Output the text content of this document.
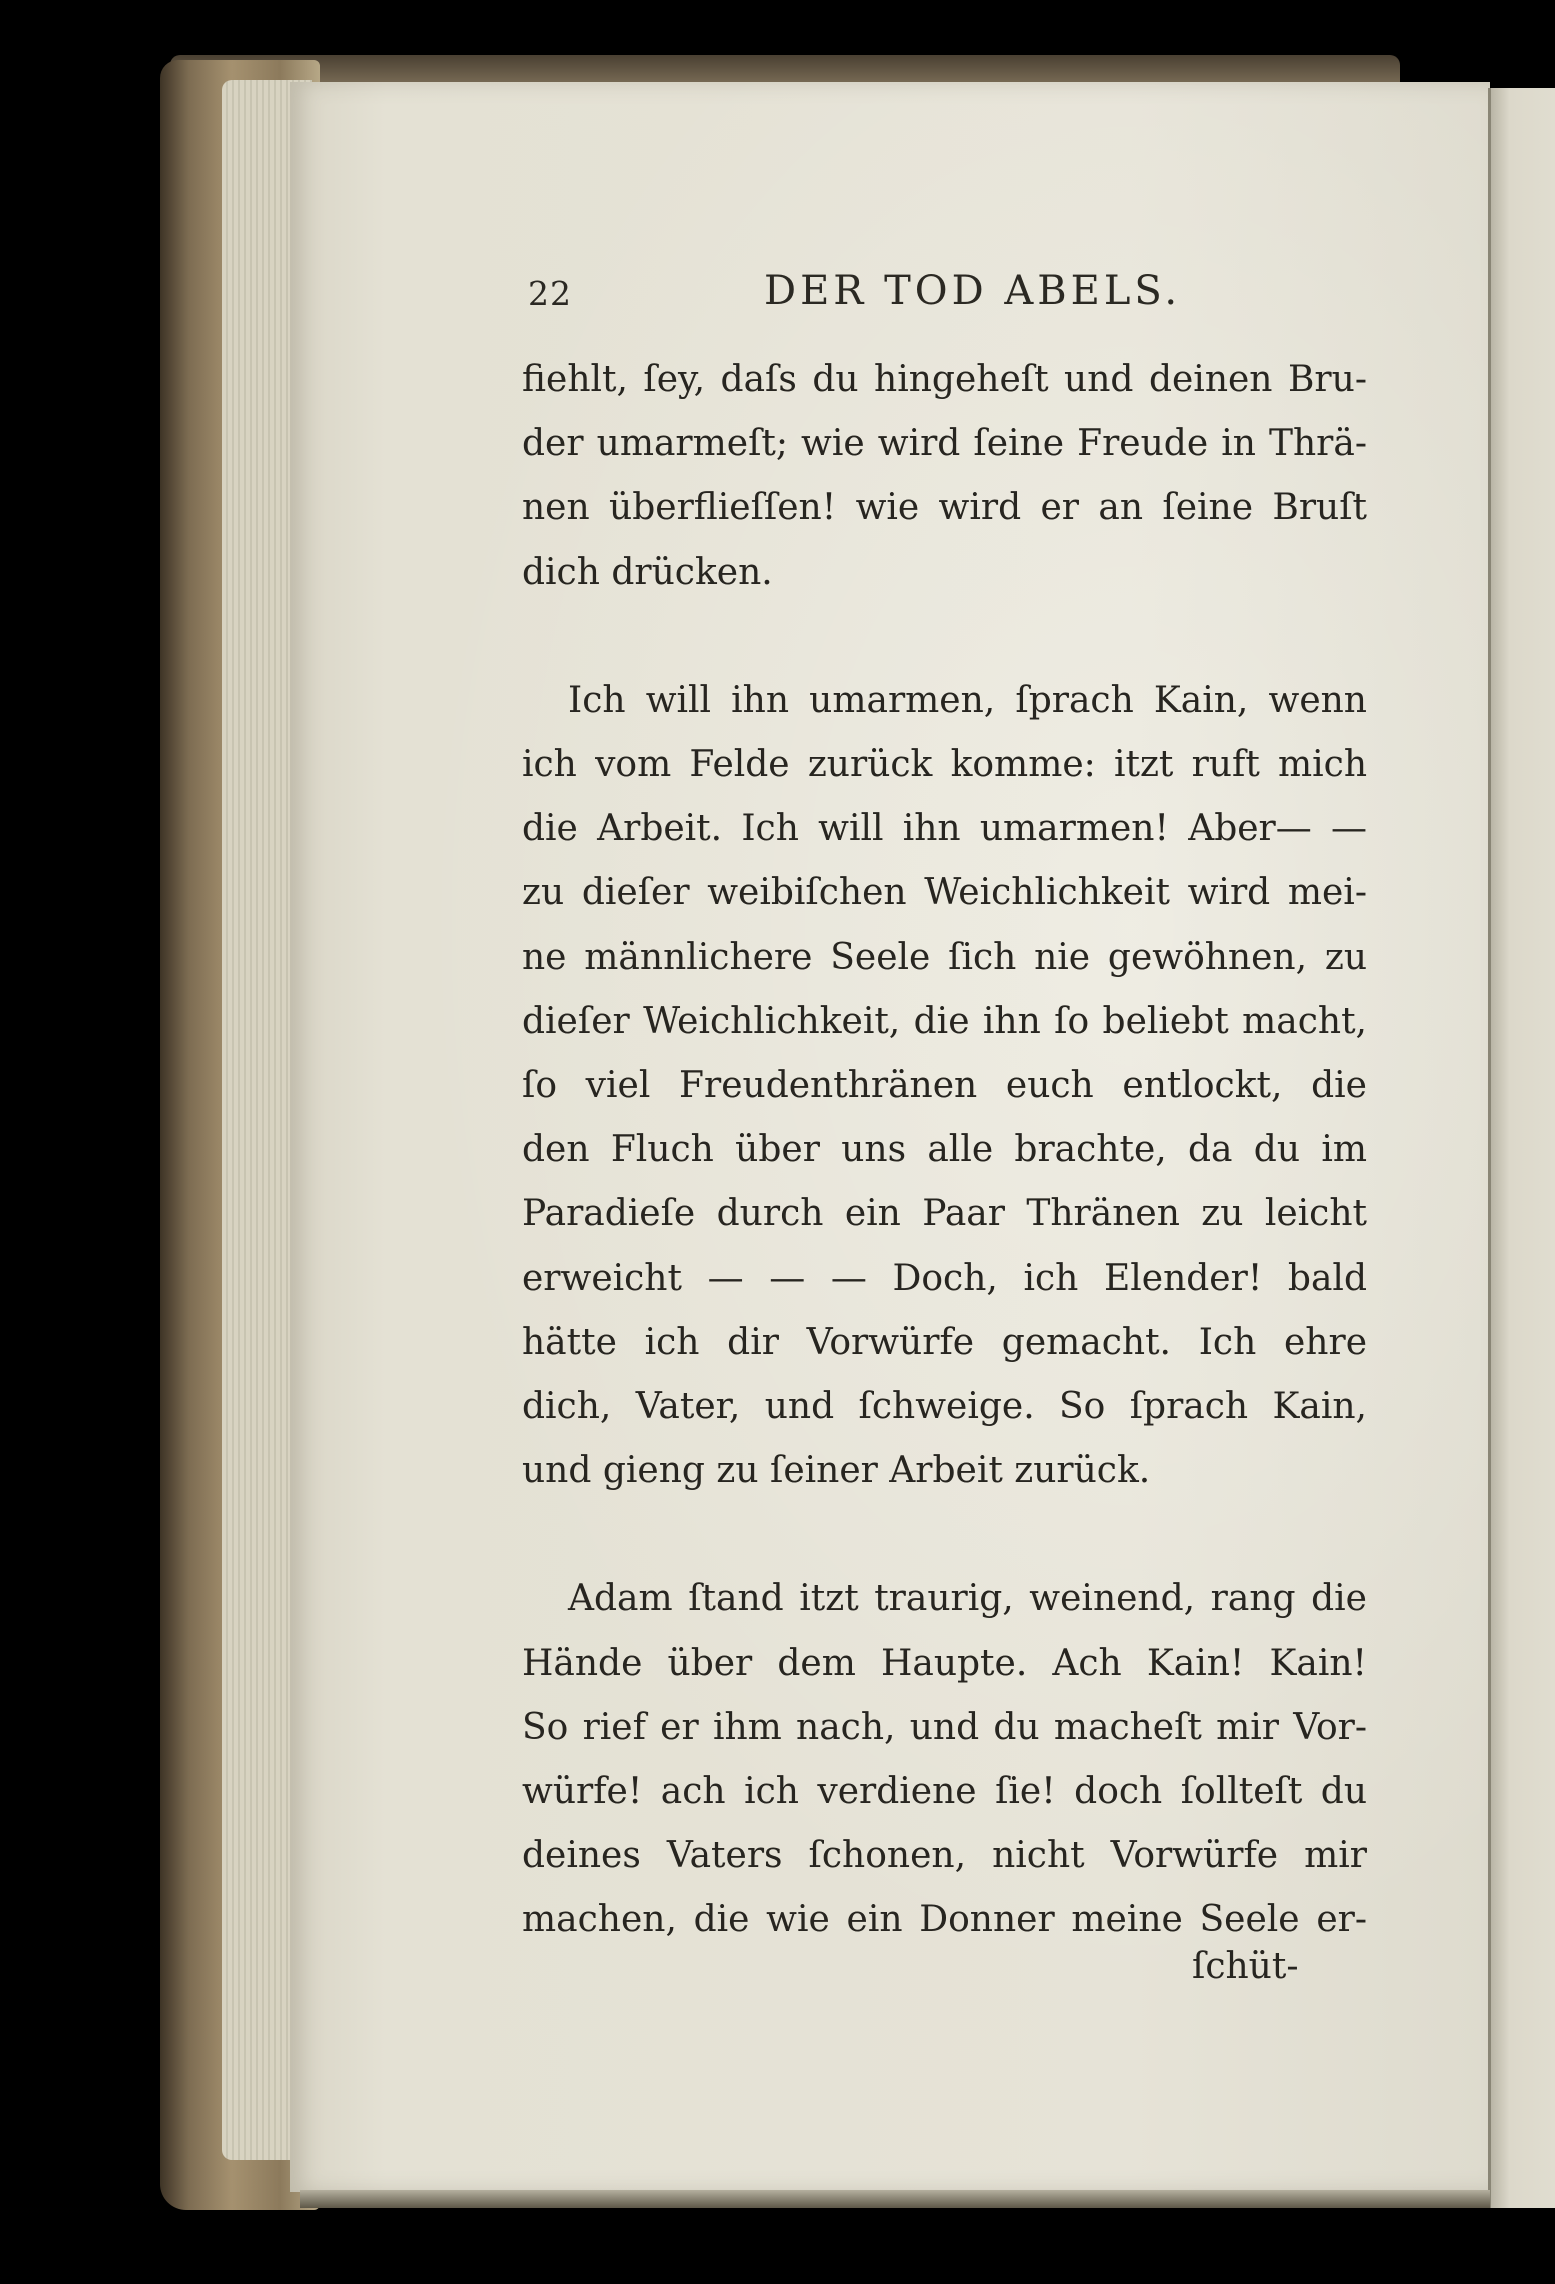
22	DER TOD ABELS.

fiehlt, ſey, daſs du hingeheſt und deinen Bru-
der umarmeſt; wie wird ſeine Freude in Thrä-
nen überflieſſen! wie wird er an ſeine Bruſt
dich drücken.

Ich will ihn umarmen, ſprach Kain, wenn
ich vom Felde zurück komme: itzt ruft mich
die Arbeit. Ich will ihn umarmen! Aber— —
zu dieſer weibiſchen Weichlichkeit wird mei-
ne männlichere Seele ſich nie gewöhnen, zu
dieſer Weichlichkeit, die ihn ſo beliebt macht,
ſo viel Freudenthränen euch entlockt, die
den Fluch über uns alle brachte, da du im
Paradieſe durch ein Paar Thränen zu leicht
erweicht — — — Doch, ich Elender! bald
hätte ich dir Vorwürfe gemacht. Ich ehre
dich, Vater, und ſchweige. So ſprach Kain,
und gieng zu ſeiner Arbeit zurück.

Adam ſtand itzt traurig, weinend, rang die
Hände über dem Haupte. Ach Kain! Kain!
So rief er ihm nach, und du macheſt mir Vor-
würfe! ach ich verdiene ſie! doch ſollteſt du
deines Vaters ſchonen, nicht Vorwürfe mir
machen, die wie ein Donner meine Seele er-

ſchüt-
